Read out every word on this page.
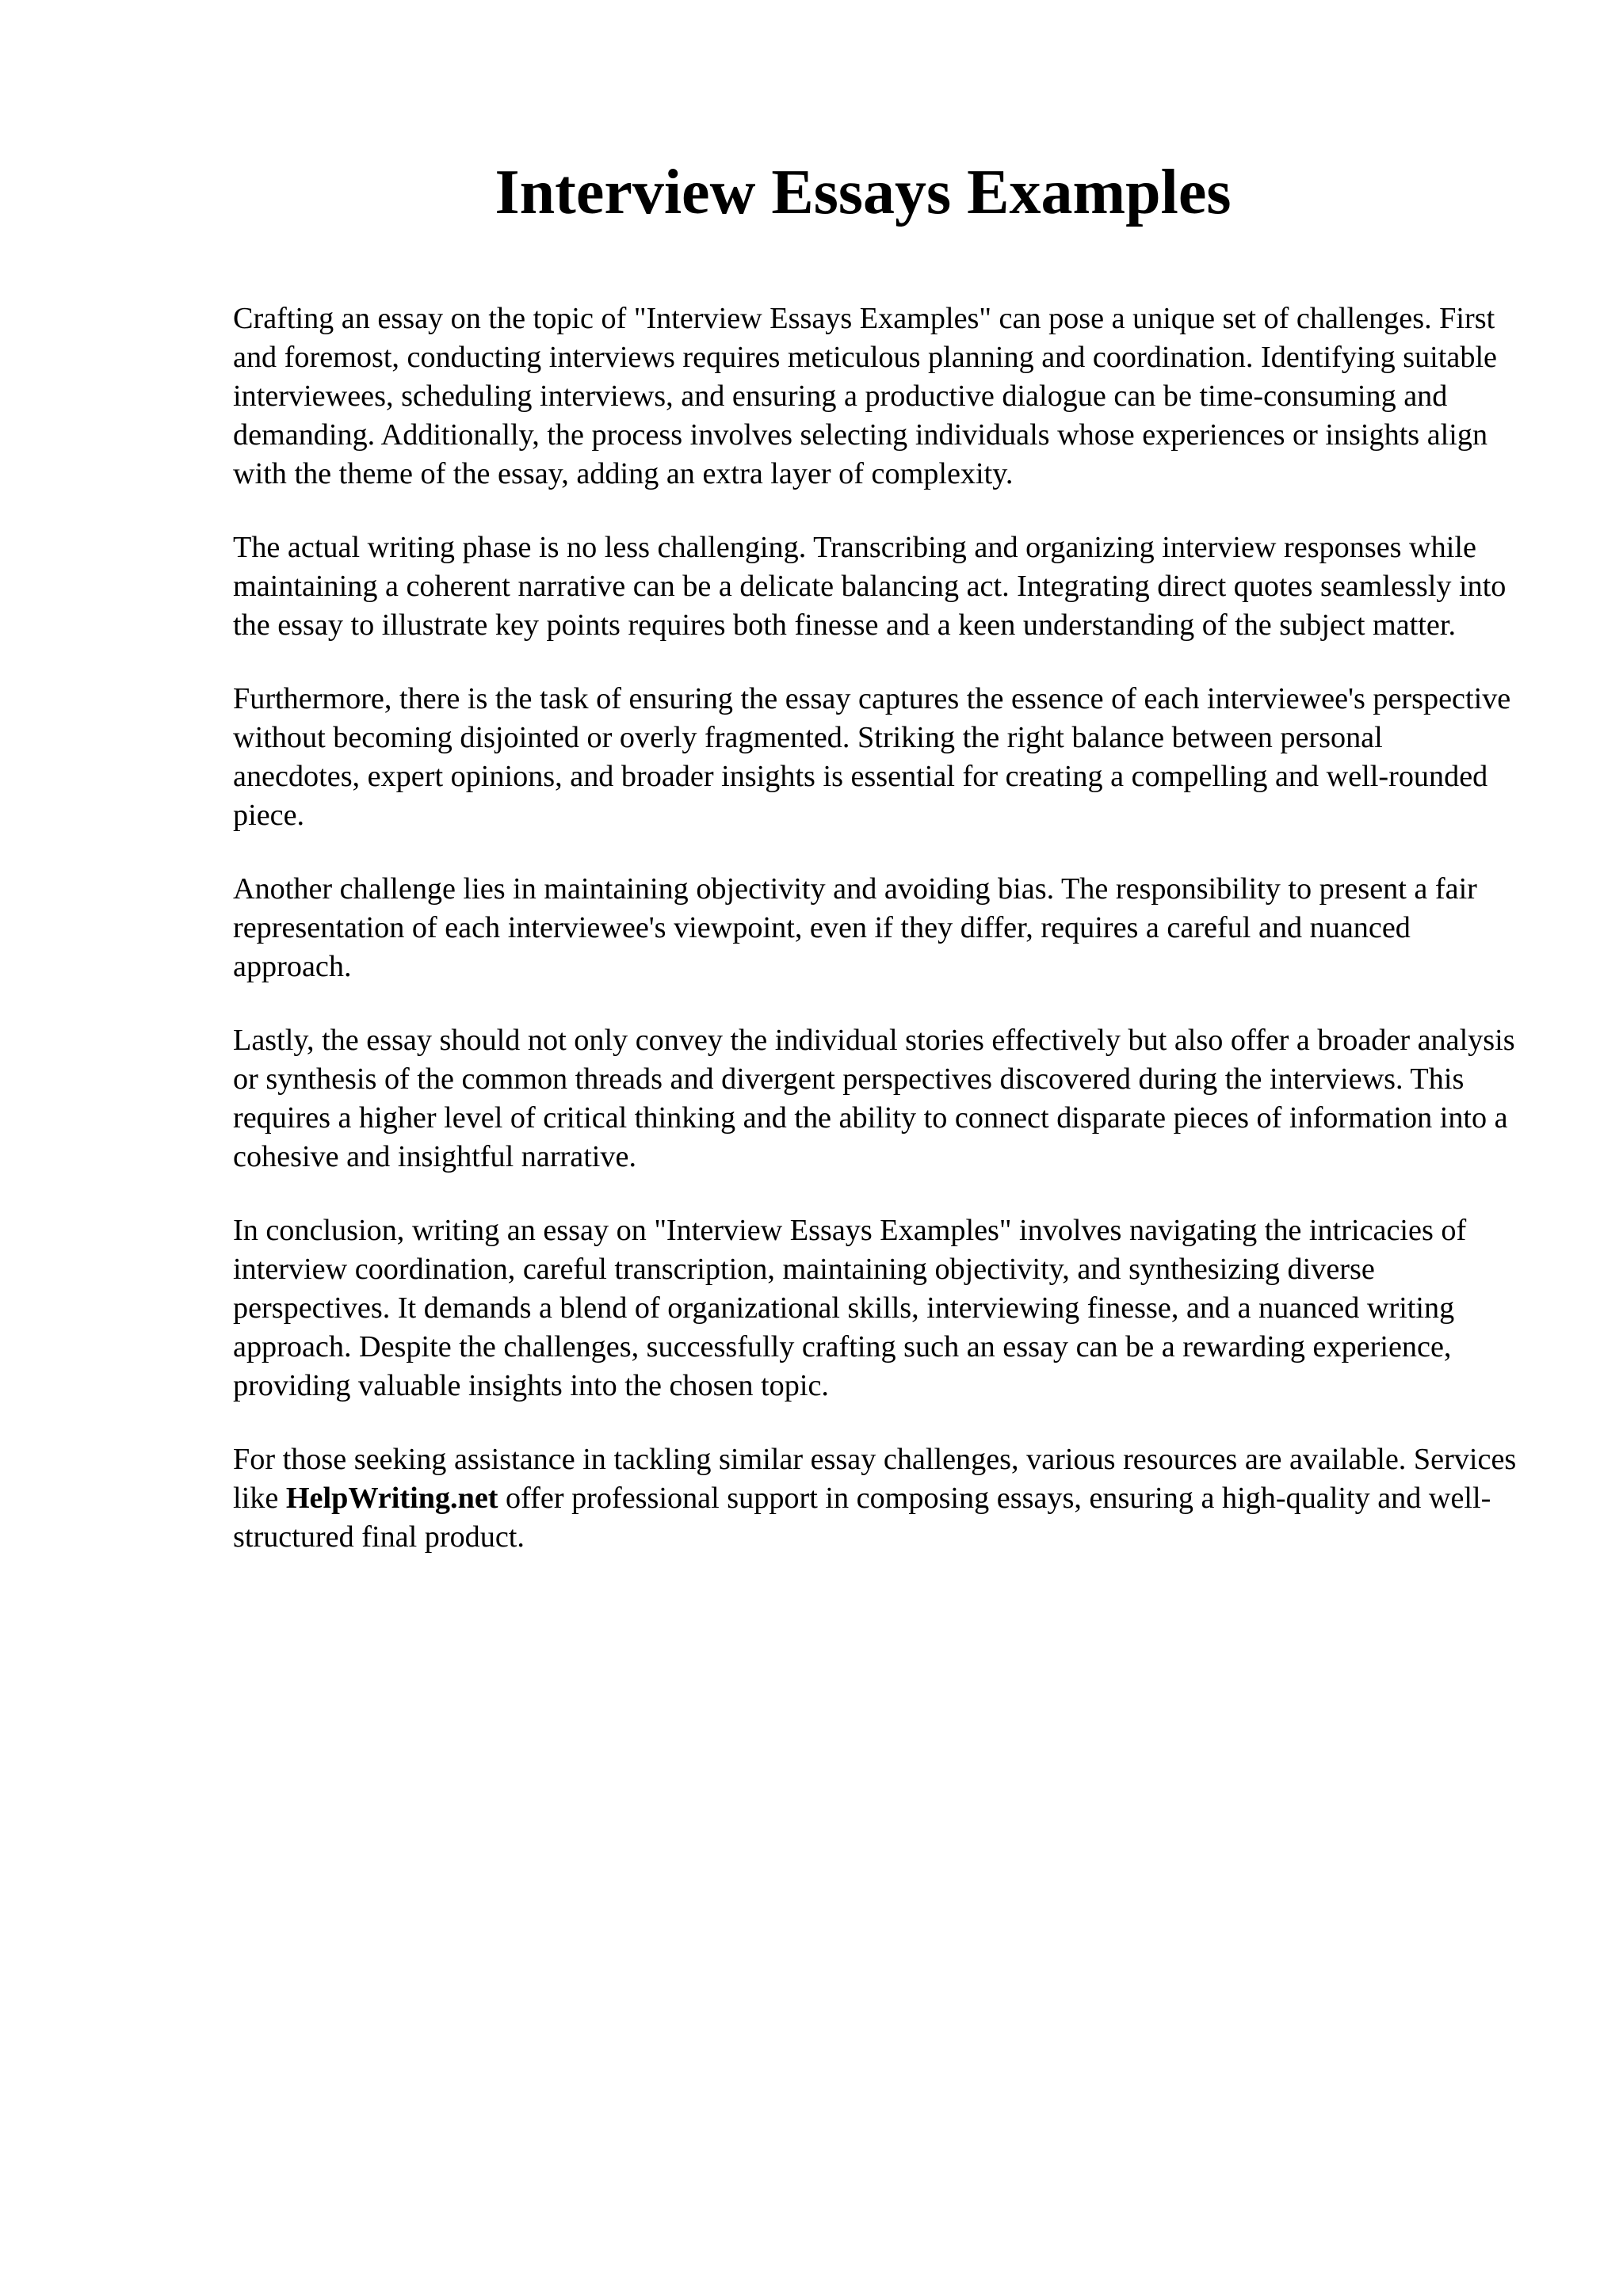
Interview Essays Examples

Crafting an essay on the topic of "Interview Essays Examples" can pose a unique set of challenges. First and foremost, conducting interviews requires meticulous planning and coordination. Identifying suitable interviewees, scheduling interviews, and ensuring a productive dialogue can be time-consuming and demanding. Additionally, the process involves selecting individuals whose experiences or insights align with the theme of the essay, adding an extra layer of complexity.

The actual writing phase is no less challenging. Transcribing and organizing interview responses while maintaining a coherent narrative can be a delicate balancing act. Integrating direct quotes seamlessly into the essay to illustrate key points requires both finesse and a keen understanding of the subject matter.

Furthermore, there is the task of ensuring the essay captures the essence of each interviewee's perspective without becoming disjointed or overly fragmented. Striking the right balance between personal anecdotes, expert opinions, and broader insights is essential for creating a compelling and well-rounded piece.

Another challenge lies in maintaining objectivity and avoiding bias. The responsibility to present a fair representation of each interviewee's viewpoint, even if they differ, requires a careful and nuanced approach.

Lastly, the essay should not only convey the individual stories effectively but also offer a broader analysis or synthesis of the common threads and divergent perspectives discovered during the interviews. This requires a higher level of critical thinking and the ability to connect disparate pieces of information into a cohesive and insightful narrative.

In conclusion, writing an essay on "Interview Essays Examples" involves navigating the intricacies of interview coordination, careful transcription, maintaining objectivity, and synthesizing diverse perspectives. It demands a blend of organizational skills, interviewing finesse, and a nuanced writing approach. Despite the challenges, successfully crafting such an essay can be a rewarding experience, providing valuable insights into the chosen topic.

For those seeking assistance in tackling similar essay challenges, various resources are available. Services like HelpWriting.net offer professional support in composing essays, ensuring a high-quality and well-structured final product.
